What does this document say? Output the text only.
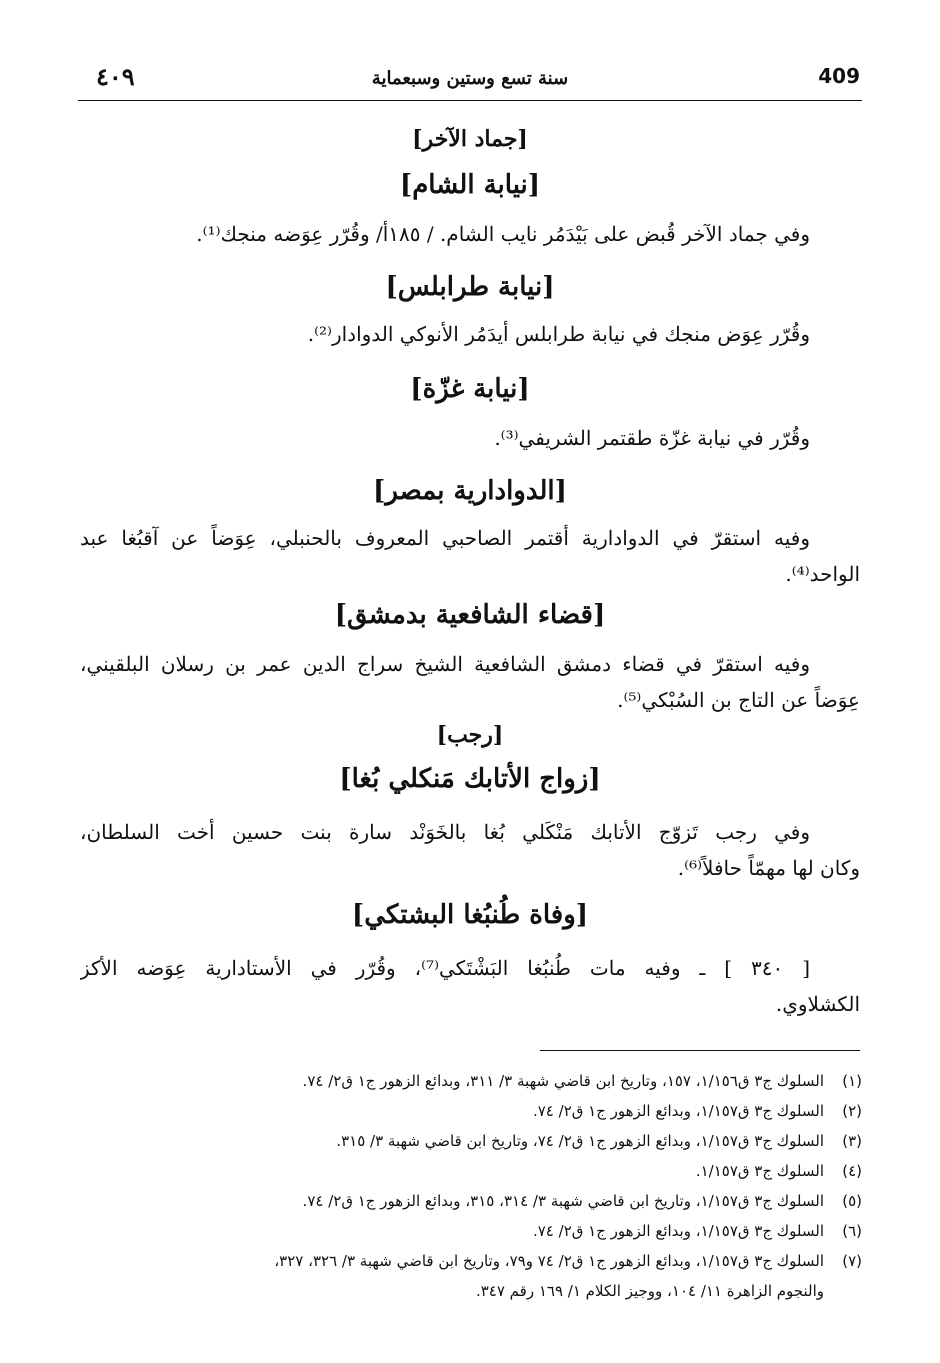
٤٠٩	سنة تسع وستين وسبعماية	409
[جماد الآخر]
[نيابة الشام]
وفي جماد الآخر قُبض على بَيْدَمُر نايب الشام. / ١٨٥أ/ وقُرّر عِوَضه منجك⁽¹⁾.
[نيابة طرابلس]
وقُرّر عِوَض منجك في نيابة طرابلس أيدَمُر الأنوكي الدوادار⁽²⁾.
[نيابة غزّة]
وقُرّر في نيابة غزّة طقتمر الشريفي⁽³⁾.
[الدوادارية بمصر]
وفيه استقرّ في الدوادارية أقتمر الصاحبي المعروف بالحنبلي، عِوَضاً عن آقبُغا عبد
الواحد⁽⁴⁾.
[قضاء الشافعية بدمشق]
وفيه استقرّ في قضاء دمشق الشافعية الشيخ سراج الدين عمر بن رسلان البلقيني،
عِوَضاً عن التاج بن السُبْكي⁽⁵⁾.
[رجب]
[زواج الأتابك مَنكلي بُغا]
وفي رجب تَزوّج الأتابك مَنْكَلي بُغا بالخَوَنْد سارة بنت حسين أخت السلطان،
وكان لها مهمّاً حافلاً⁽⁶⁾.
[وفاة طُنبُغا البشتكي]
[ ٣٤٠ ] ـ وفيه مات طُنبُغا البَشْتَكي⁽⁷⁾، وقُرّر في الأستادارية عِوَضه الأكز
الكشلاوي.
(١)
السلوك ج٣ ق١/١٥٦، ١٥٧، وتاريخ ابن قاضي شهبة ٣/ ٣١١، وبدائع الزهور ج١ ق٢/ ٧٤.
(٢)
السلوك ج٣ ق١/١٥٧، وبدائع الزهور ج١ ق٢/ ٧٤.
(٣)
السلوك ج٣ ق١/١٥٧، وبدائع الزهور ج١ ق٢/ ٧٤، وتاريخ ابن قاضي شهبة ٣/ ٣١٥.
(٤)
السلوك ج٣ ق١/١٥٧.
(٥)
السلوك ج٣ ق١/١٥٧، وتاريخ ابن قاضي شهبة ٣/ ٣١٤، ٣١٥، وبدائع الزهور ج١ ق٢/ ٧٤.
(٦)
السلوك ج٣ ق١/١٥٧، وبدائع الزهور ج١ ق٢/ ٧٤.
(٧)
السلوك ج٣ ق١/١٥٧، وبدائع الزهور ج١ ق٢/ ٧٤ و٧٩، وتاريخ ابن قاضي شهبة ٣/ ٣٢٦، ٣٢٧،
والنجوم الزاهرة ١١/ ١٠٤، ووجيز الكلام ١/ ١٦٩ رقم ٣٤٧.
